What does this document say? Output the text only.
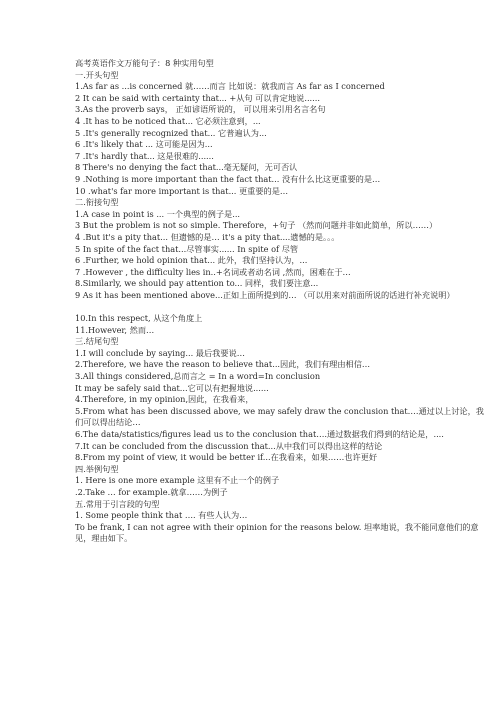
高考英语作文万能句子：8 种实用句型
一.开头句型
1.As far as ...is concerned 就……而言 比如说：就我而言 As far as I concerned
2 It can be said with certainty that... +从句 可以肯定地说......
3.As the proverb says， 正如谚语所说的， 可以用来引用名言名句
4 .It has to be noticed that... 它必须注意到，...
5 .It's generally recognized that... 它普遍认为...
6 .It's likely that ... 这可能是因为...
7 .It's hardly that... 这是很难的......
8 There's no denying the fact that...毫无疑问，无可否认
9 .Nothing is more important than the fact that... 没有什么比这更重要的是…
10 .what's far more important is that... 更重要的是…
二.衔接句型
1.A case in point is ... 一个典型的例子是...
3 But the problem is not so simple. Therefore，+句子 （然而问题并非如此简单，所以……）
4 .But it's a pity that... 但遗憾的是… it's a pity that....遗憾的是。。。
5 In spite of the fact that...尽管事实...... In spite of 尽管
6 .Further, we hold opinion that... 此外，我们坚持认为，...
7 .However , the difficulty lies in..+名词或者动名词 ,然而，困难在于…
8.Similarly, we should pay attention to... 同样，我们要注意...
9 As it has been mentioned above...正如上面所提到的… （可以用来对前面所说的话进行补充说明）
10.In this respect, 从这个角度上
11.However, 然而…
三.结尾句型
1.I will conclude by saying... 最后我要说…
2.Therefore, we have the reason to believe that...因此，我们有理由相信…
3.All things considered,总而言之 = In a word=In conclusion
It may be safely said that...它可以有把握地说......
4.Therefore, in my opinion,因此，在我看来，
5.From what has been discussed above, we may safely draw the conclusion that….通过以上讨论，我们可以得出结论…
6.The data/statistics/figures lead us to the conclusion that….通过数据我们得到的结论是，....
7.It can be concluded from the discussion that...从中我们可以得出这样的结论
8.From my point of view, it would be better if...在我看来，如果……也许更好
四.举例句型
1. Here is one more example 这里有不止一个的例子
.2.Take … for example.就拿……为例子
五.常用于引言段的句型
1. Some people think that …. 有些人认为…
To be frank, I can not agree with their opinion for the reasons below. 坦率地说，我不能同意他们的意见，理由如下。
